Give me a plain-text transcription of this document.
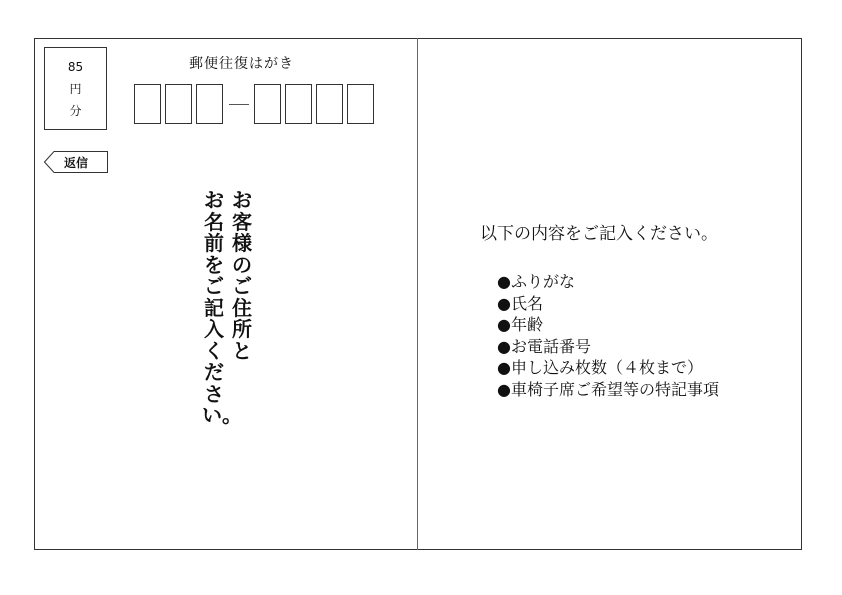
85
円
分
郵便往復はがき
返信
お客様のご住所と
お名前をご記入ください。
以下の内容をご記入ください。
●ふりがな
●氏名
●年齢
●お電話番号
●申し込み枚数（４枚まで）
●車椅子席ご希望等の特記事項
